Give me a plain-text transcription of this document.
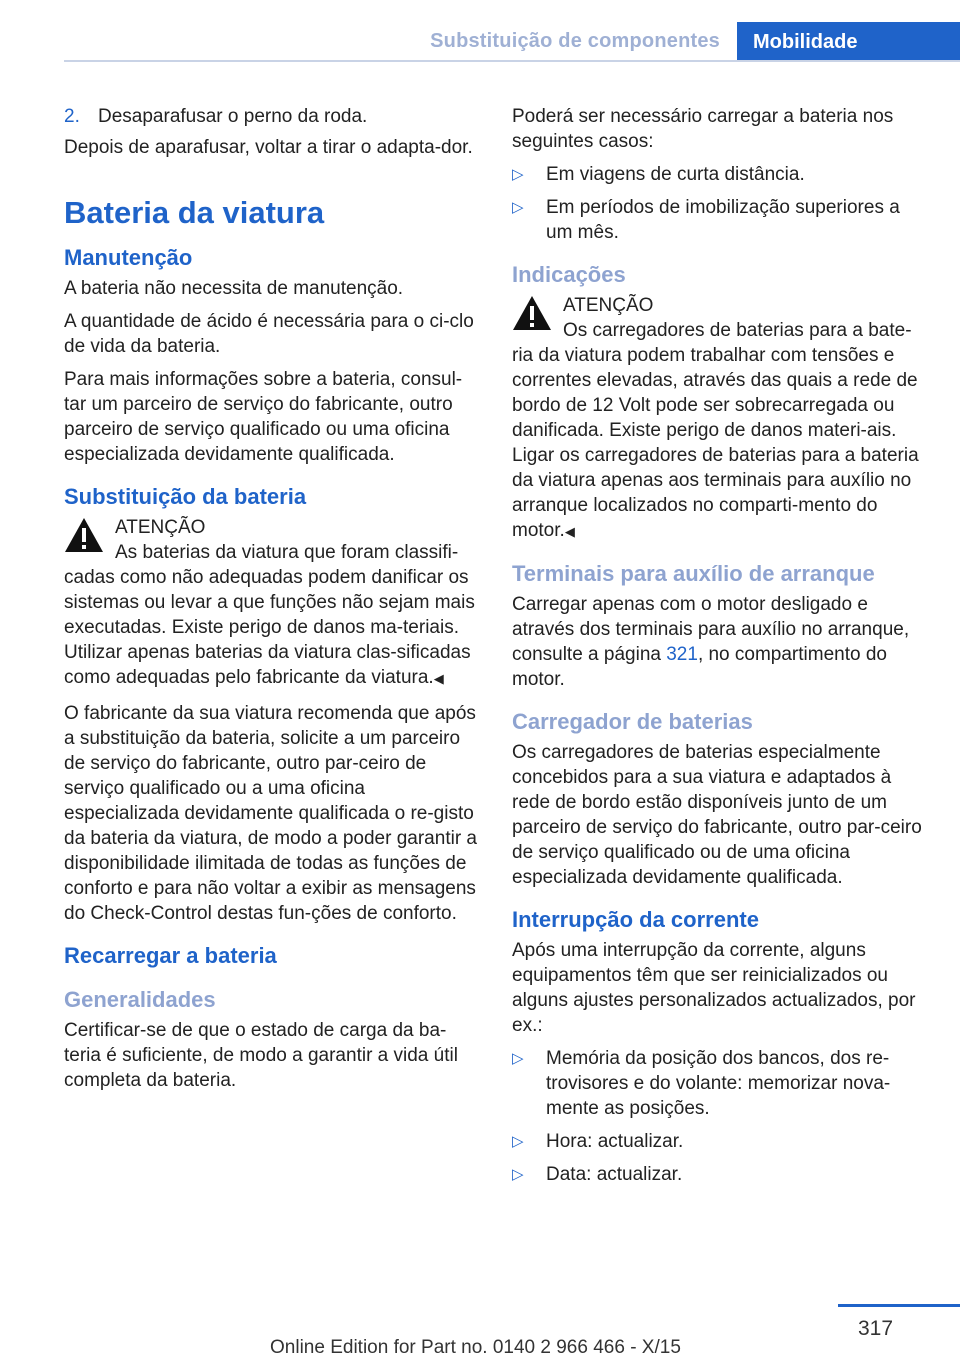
Substituição de componentes	Mobilidade
2. Desaparafusar o perno da roda.

Depois de aparafusar, voltar a tirar o adapta-dor.

Bateria da viatura
Manutenção

A bateria não necessita de manutenção.

A quantidade de ácido é necessária para o ci-clo de vida da bateria.

Para mais informações sobre a bateria, consul-tar um parceiro de serviço do fabricante, outro parceiro de serviço qualificado ou uma oficina especializada devidamente qualificada.

Substituição da bateria
ATENÇÃO
As baterias da viatura que foram classifi-
cadas como não adequadas podem danificar os sistemas ou levar a que funções não sejam mais executadas. Existe perigo de danos ma-teriais. Utilizar apenas baterias da viatura clas-sificadas como adequadas pelo fabricante da viatura.◀

O fabricante da sua viatura recomenda que após a substituição da bateria, solicite a um parceiro de serviço do fabricante, outro par-ceiro de serviço qualificado ou a uma oficina especializada devidamente qualificada o re-gisto da bateria da viatura, de modo a poder garantir a disponibilidade ilimitada de todas as funções de conforto e para não voltar a exibir as mensagens do Check-Control destas fun-ções de conforto.

Recarregar a bateria
Generalidades

Certificar-se de que o estado de carga da ba-teria é suficiente, de modo a garantir a vida útil completa da bateria.

Poderá ser necessário carregar a bateria nos seguintes casos:

▷ Em viagens de curta distância.
▷ Em períodos de imobilização superiores a um mês.
Indicações
ATENÇÃO
Os carregadores de baterias para a bate-
ria da viatura podem trabalhar com tensões e correntes elevadas, através das quais a rede de bordo de 12 Volt pode ser sobrecarregada ou danificada. Existe perigo de danos materi-ais. Ligar os carregadores de baterias para a bateria da viatura apenas aos terminais para auxílio no arranque localizados no comparti-mento do motor.◀
Terminais para auxílio de arranque

Carregar apenas com o motor desligado e através dos terminais para auxílio no arranque, consulte a página 321, no compartimento do motor.

Carregador de baterias

Os carregadores de baterias especialmente concebidos para a sua viatura e adaptados à rede de bordo estão disponíveis junto de um parceiro de serviço do fabricante, outro par-ceiro de serviço qualificado ou de uma oficina especializada devidamente qualificada.

Interrupção da corrente

Após uma interrupção da corrente, alguns equipamentos têm que ser reinicializados ou alguns ajustes personalizados actualizados, por ex.:

▷ Memória da posição dos bancos, dos re-trovisores e do volante: memorizar nova-mente as posições.
▷ Hora: actualizar.
▷ Data: actualizar.
317
Online Edition for Part no. 0140 2 966 466 - X/15
